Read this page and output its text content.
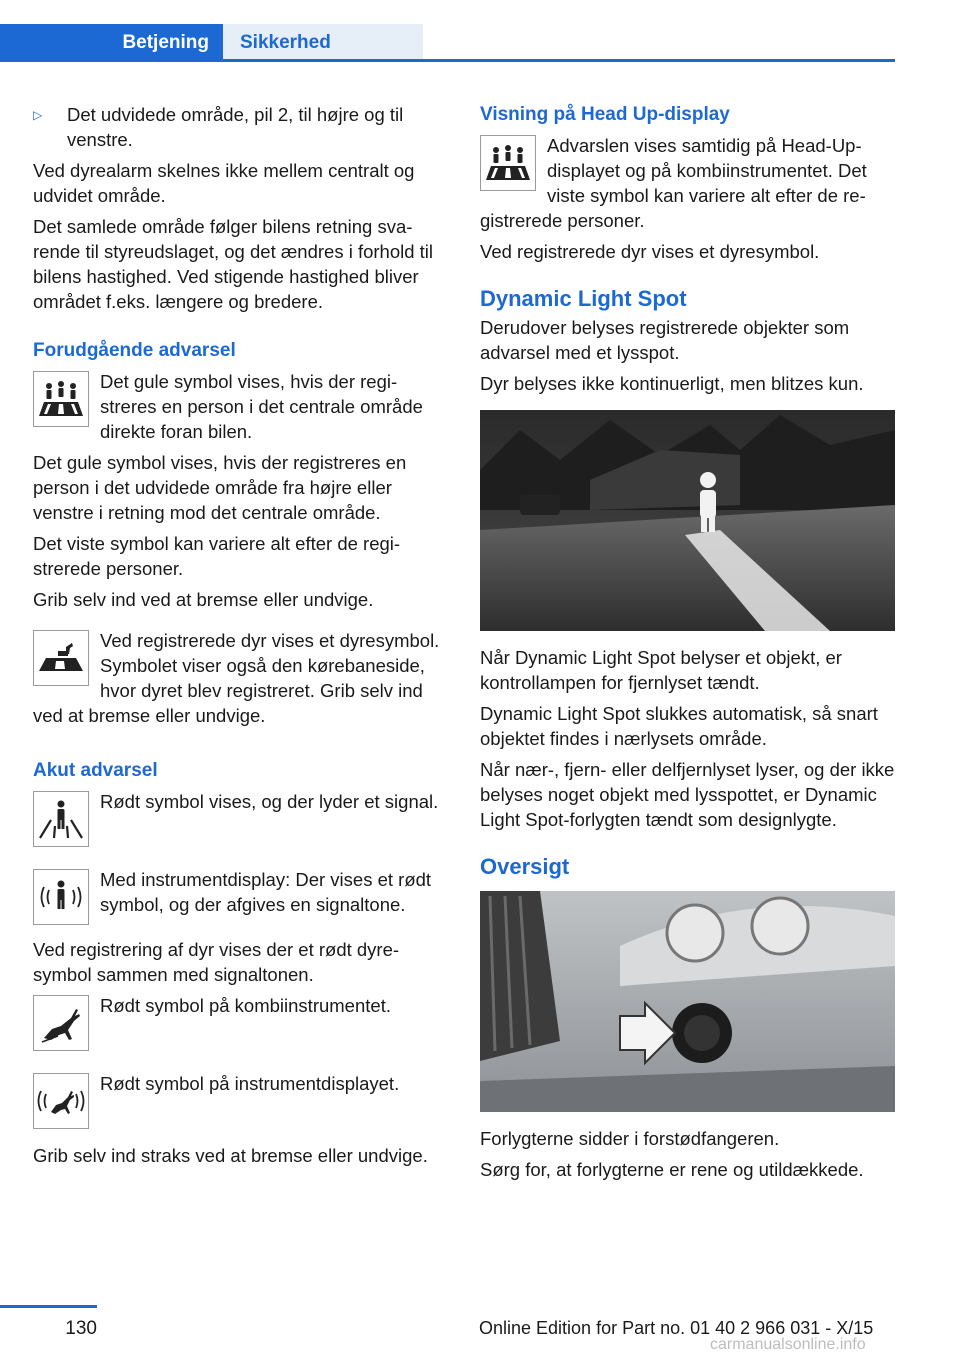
Betjening	Sikkerhed

▷ Det udvidede område, pil 2, til højre og til venstre.

Ved dyrealarm skelnes ikke mellem centralt og udvidet område.

Det samlede område følger bilens retning svarende til styreudslaget, og det ændres i forhold til bilens hastighed. Ved stigende hastighed bliver området f.eks. længere og bredere.

Forudgående advarsel
Det gule symbol vises, hvis der registreres en person i det centrale område direkte foran bilen.

Det gule symbol vises, hvis der registreres en person i det udvidede område fra højre eller venstre i retning mod det centrale område.

Det viste symbol kan variere alt efter de registrerede personer.

Grib selv ind ved at bremse eller undvige.

Ved registrerede dyr vises et dyresymbol. Symbolet viser også den kørebaneside, hvor dyret blev registreret. Grib selv ind ved at bremse eller undvige.
Akut advarsel
Rødt symbol vises, og der lyder et signal.
Med instrumentdisplay: Der vises et rødt symbol, og der afgives en signaltone.

Ved registrering af dyr vises der et rødt dyresymbol sammen med signaltonen.

Rødt symbol på kombiinstrumentet.
Rødt symbol på instrumentdisplayet.

Grib selv ind straks ved at bremse eller undvige.

Visning på Head Up-display
Advarslen vises samtidig på Head-Up-displayet og på kombiinstrumentet. Det viste symbol kan variere alt efter de registrerede personer.

Ved registrerede dyr vises et dyresymbol.

Dynamic Light Spot

Derudover belyses registrerede objekter som advarsel med et lysspot.

Dyr belyses ikke kontinuerligt, men blitzes kun.

Når Dynamic Light Spot belyser et objekt, er kontrollampen for fjernlyset tændt.

Dynamic Light Spot slukkes automatisk, så snart objektet findes i nærlysets område.

Når nær-, fjern- eller delfjernlyset lyser, og der ikke belyses noget objekt med lysspottet, er Dynamic Light Spot-forlygten tændt som designlygte.

Oversigt

Forlygterne sidder i forstødfangeren.

Sørg for, at forlygterne er rene og utildækkede.

130	Online Edition for Part no. 01 40 2 966 031 - X/15
carmanualsonline.info
